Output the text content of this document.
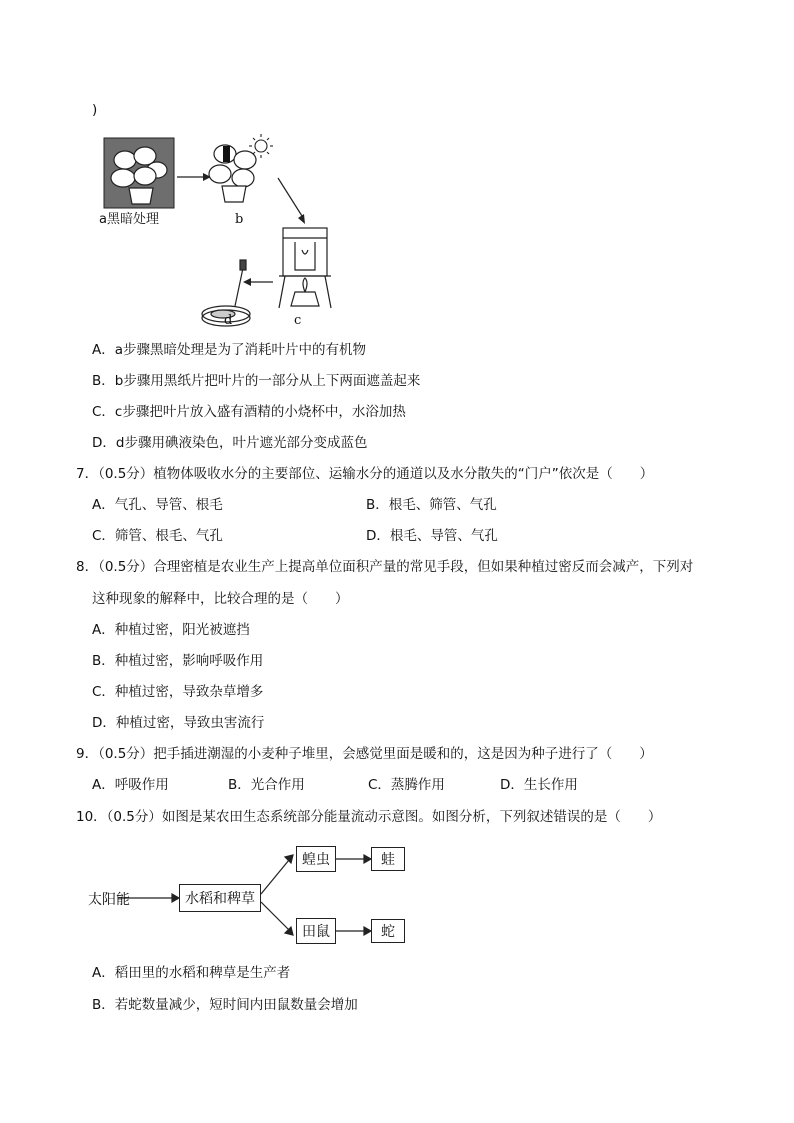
)
a黑暗处理	b
c
d
A．a步骤黑暗处理是为了消耗叶片中的有机物
B．b步骤用黑纸片把叶片的一部分从上下两面遮盖起来
C．c步骤把叶片放入盛有酒精的小烧杯中，水浴加热
D．d步骤用碘液染色，叶片遮光部分变成蓝色
7．（0.5分）植物体吸收水分的主要部位、运输水分的通道以及水分散失的“门户”依次是（　　）
A．气孔、导管、根毛	B．根毛、筛管、气孔
C．筛管、根毛、气孔	D．根毛、导管、气孔
8．（0.5分）合理密植是农业生产上提高单位面积产量的常见手段，但如果种植过密反而会减产，下列对
这种现象的解释中，比较合理的是（　　）
A．种植过密，阳光被遮挡
B．种植过密，影响呼吸作用
C．种植过密，导致杂草增多
D．种植过密，导致虫害流行
9．（0.5分）把手插进潮湿的小麦种子堆里，会感觉里面是暖和的，这是因为种子进行了（　　）
A．呼吸作用	B．光合作用	C．蒸腾作用	D．生长作用
10．（0.5分）如图是某农田生态系统部分能量流动示意图。如图分析，下列叙述错误的是（　　）
太阳能	水稻和稗草
蝗虫	蛙
田鼠	蛇
A．稻田里的水稻和稗草是生产者
B．若蛇数量减少，短时间内田鼠数量会增加
